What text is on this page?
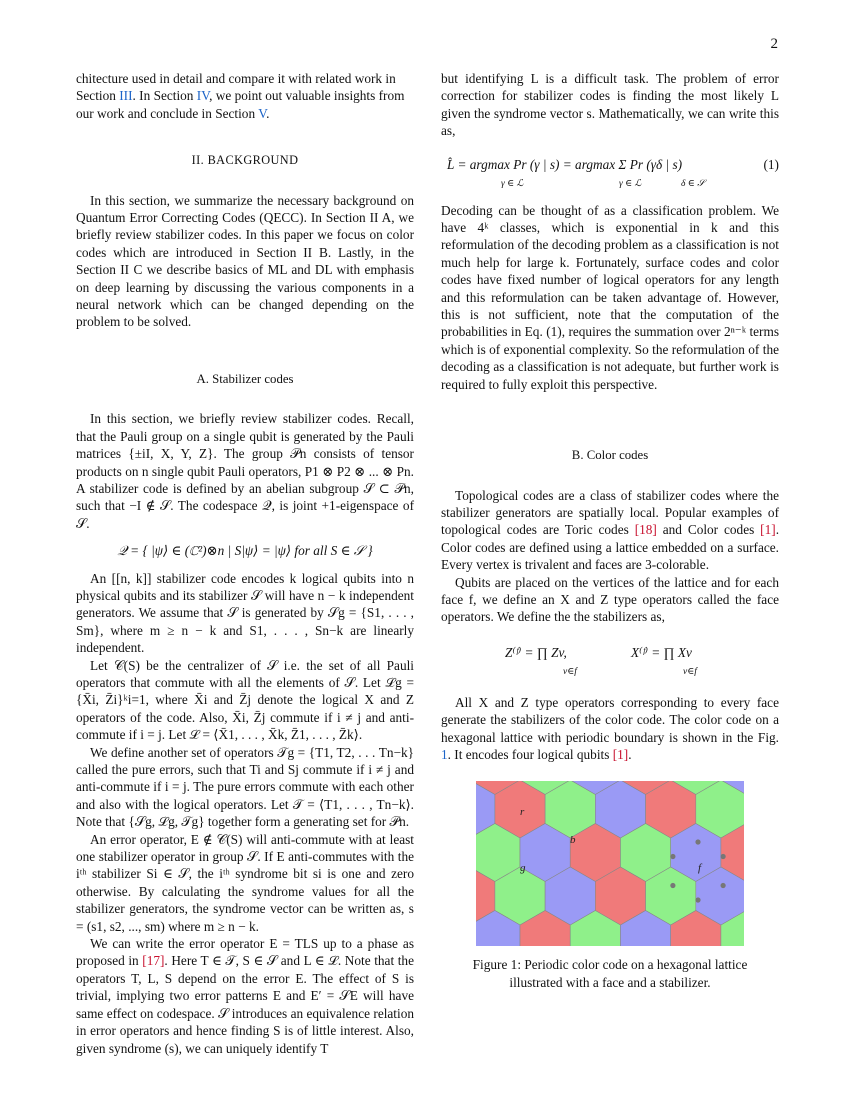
2

chitecture used in detail and compare it with related work in

Section III. In Section IV, we point out valuable insights from

our work and conclude in Section V.

II. BACKGROUND

In this section, we summarize the necessary background on Quantum Error Correcting Codes (QECC). In Section II A, we briefly review stabilizer codes. In this paper we focus on color codes which are introduced in Section II B. Lastly, in the Section II C we describe basics of ML and DL with emphasis on deep learning by discussing the various components in a neural network which can be changed depending on the problem to be solved.

A. Stabilizer codes

In this section, we briefly review stabilizer codes. Recall, that the Pauli group on a single qubit is generated by the Pauli matrices {±iI, X, Y, Z}. The group 𝒫n consists of tensor products on n single qubit Pauli operators, P1 ⊗ P2 ⊗ ... ⊗ Pn. A stabilizer code is defined by an abelian subgroup 𝒮 ⊂ 𝒫n, such that −I ∉ 𝒮. The codespace 𝒬, is joint +1-eigenspace of 𝒮.

𝒬 = { |ψ⟩ ∈ (ℂ²)⊗n | S|ψ⟩ = |ψ⟩ for all S ∈ 𝒮 }

An [[n, k]] stabilizer code encodes k logical qubits into n physical qubits and its stabilizer 𝒮 will have n − k independent generators. We assume that 𝒮 is generated by 𝒮g = {S1, . . . , Sm}, where m ≥ n − k and S1, . . . , Sn−k are linearly independent.

Let 𝒞(S) be the centralizer of 𝒮 i.e. the set of all Pauli operators that commute with all the elements of 𝒮. Let ℒg = {X̄i, Z̄i}ᵏi=1, where X̄i and Z̄j denote the logical X and Z operators of the code. Also, X̄i, Z̄j commute if i ≠ j and anti-commute if i = j. Let ℒ = ⟨X̄1, . . . , X̄k, Z̄1, . . . , Z̄k⟩.

We define another set of operators 𝒯g = {T1, T2, . . . Tn−k} called the pure errors, such that Ti and Sj commute if i ≠ j and anti-commute if i = j. The pure errors commute with each other and also with the logical operators. Let 𝒯 = ⟨T1, . . . , Tn−k⟩. Note that {𝒮g, ℒg, 𝒯g} together form a generating set for 𝒫n.

An error operator, E ∉ 𝒞(S) will anti-commute with at least one stabilizer operator in group 𝒮. If E anti-commutes with the iᵗʰ stabilizer Si ∈ 𝒮, the iᵗʰ syndrome bit si is one and zero otherwise. By calculating the syndrome values for all the stabilizer generators, the syndrome vector can be written as, s = (s1, s2, ..., sm) where m ≥ n − k.

We can write the error operator E = TLS up to a phase as proposed in [17]. Here T ∈ 𝒯, S ∈ 𝒮 and L ∈ ℒ. Note that the operators T, L, S depend on the error E. The effect of S is trivial, implying two error patterns E and E′ = 𝒮E will have same effect on codespace. 𝒮 introduces an equivalence relation in error operators and hence finding S is of little interest. Also, given syndrome (s), we can uniquely identify T

but identifying L is a difficult task. The problem of error correction for stabilizer codes is finding the most likely L given the syndrome vector s. Mathematically, we can write this as,

L̂ = argmax Pr (γ | s) = argmax Σ Pr (γδ | s)

γ ∈ ℒ	γ ∈ ℒ	δ ∈ 𝒮
(1)

Decoding can be thought of as a classification problem. We have 4ᵏ classes, which is exponential in k and this reformulation of the decoding problem as a classification is not much help for large k. Fortunately, surface codes and color codes have fixed number of logical operators for any length and this reformulation can be taken advantage of. However, this is not sufficient, note that the computation of the probabilities in Eq. (1), requires the summation over 2ⁿ⁻ᵏ terms which is of exponential complexity. So the reformulation of the decoding as a classification is not adequate, but further work is required to fully exploit this perspective.

B. Color codes

Topological codes are a class of stabilizer codes where the stabilizer generators are spatially local. Popular examples of topological codes are Toric codes [18] and Color codes [1]. Color codes are defined using a lattice embedded on a surface. Every vertex is trivalent and faces are 3-colorable.

Qubits are placed on the vertices of the lattice and for each face f, we define an X and Z type operators called the face operators. We define the the stabilizers as,

Z⁽ᶠ⁾ = ∏ Zv,
v∈f
X⁽ᶠ⁾ = ∏ Xv
v∈f

All X and Z type operators corresponding to every face generate the stabilizers of the color code. The color code on a hexagonal lattice with periodic boundary is shown in the Fig. 1. It encodes four logical qubits [1].

r
b
g	f

Figure 1: Periodic color code on a hexagonal lattice illustrated with a face and a stabilizer.
